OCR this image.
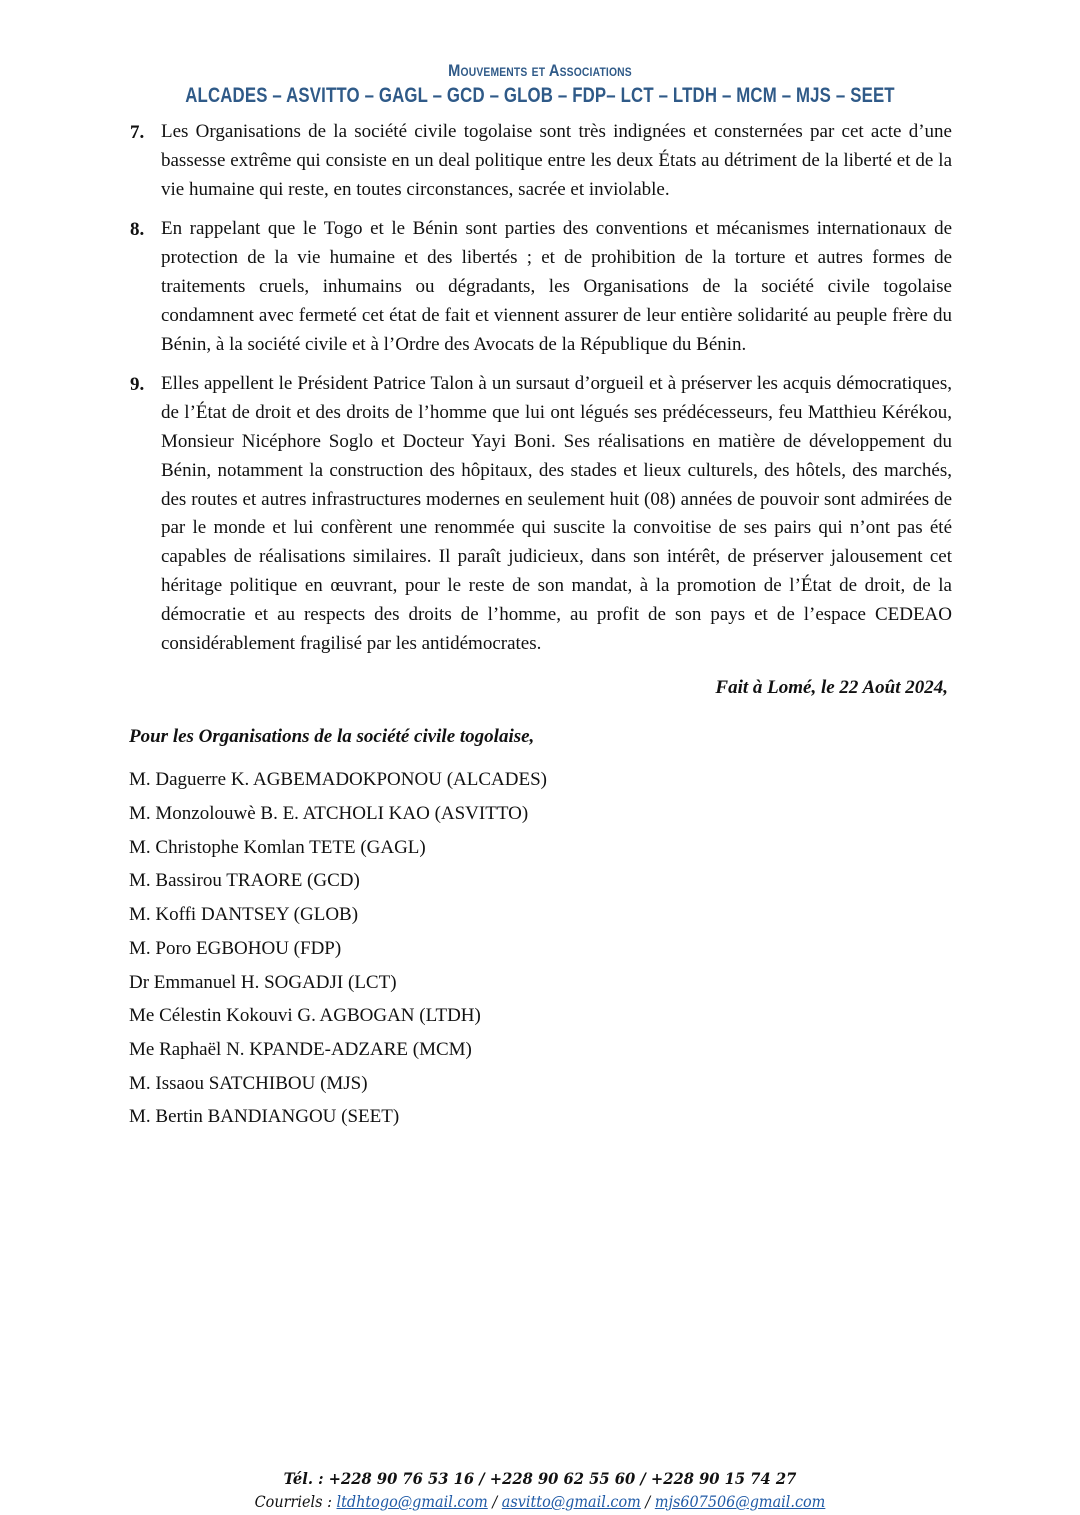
Mouvements et Associations
ALCADES – ASVITTO – GAGL – GCD – GLOB – FDP– LCT – LTDH – MCM – MJS – SEET
7. Les Organisations de la société civile togolaise sont très indignées et consternées par cet acte d’une bassesse extrême qui consiste en un deal politique entre les deux États au détriment de la liberté et de la vie humaine qui reste, en toutes circonstances, sacrée et inviolable.
8. En rappelant que le Togo et le Bénin sont parties des conventions et mécanismes internationaux de protection de la vie humaine et des libertés ; et de prohibition de la torture et autres formes de traitements cruels, inhumains ou dégradants, les Organisations de la société civile togolaise condamnent avec fermeté cet état de fait et viennent assurer de leur entière solidarité au peuple frère du Bénin, à la société civile et à l’Ordre des Avocats de la République du Bénin.
9. Elles appellent le Président Patrice Talon à un sursaut d’orgueil et à préserver les acquis démocratiques, de l’État de droit et des droits de l’homme que lui ont légués ses prédécesseurs, feu Matthieu Kérékou, Monsieur Nicéphore Soglo et Docteur Yayi Boni. Ses réalisations en matière de développement du Bénin, notamment la construction des hôpitaux, des stades et lieux culturels, des hôtels, des marchés, des routes et autres infrastructures modernes en seulement huit (08) années de pouvoir sont admirées de par le monde et lui confèrent une renommée qui suscite la convoitise de ses pairs qui n’ont pas été capables de réalisations similaires. Il paraît judicieux, dans son intérêt, de préserver jalousement cet héritage politique en œuvrant, pour le reste de son mandat, à la promotion de l’État de droit, de la démocratie et au respects des droits de l’homme, au profit de son pays et de l’espace CEDEAO considérablement fragilisé par les antidémocrates.
Fait à Lomé, le 22 Août 2024,
Pour les Organisations de la société civile togolaise,
M. Daguerre K. AGBEMADOKPONOU (ALCADES)
M. Monzolouwè B. E. ATCHOLI KAO (ASVITTO)
M. Christophe Komlan TETE (GAGL)
M. Bassirou TRAORE (GCD)
M. Koffi DANTSEY (GLOB)
M. Poro EGBOHOU (FDP)
Dr Emmanuel H. SOGADJI (LCT)
Me Célestin Kokouvi G. AGBOGAN (LTDH)
Me Raphaël N. KPANDE-ADZARE (MCM)
M. Issaou SATCHIBOU (MJS)
M. Bertin BANDIANGOU (SEET)
Tél. : +228 90 76 53 16 / +228 90 62 55 60 / +228 90 15 74 27
Courriels : ltdhtogo@gmail.com / asvitto@gmail.com / mjs607506@gmail.com
